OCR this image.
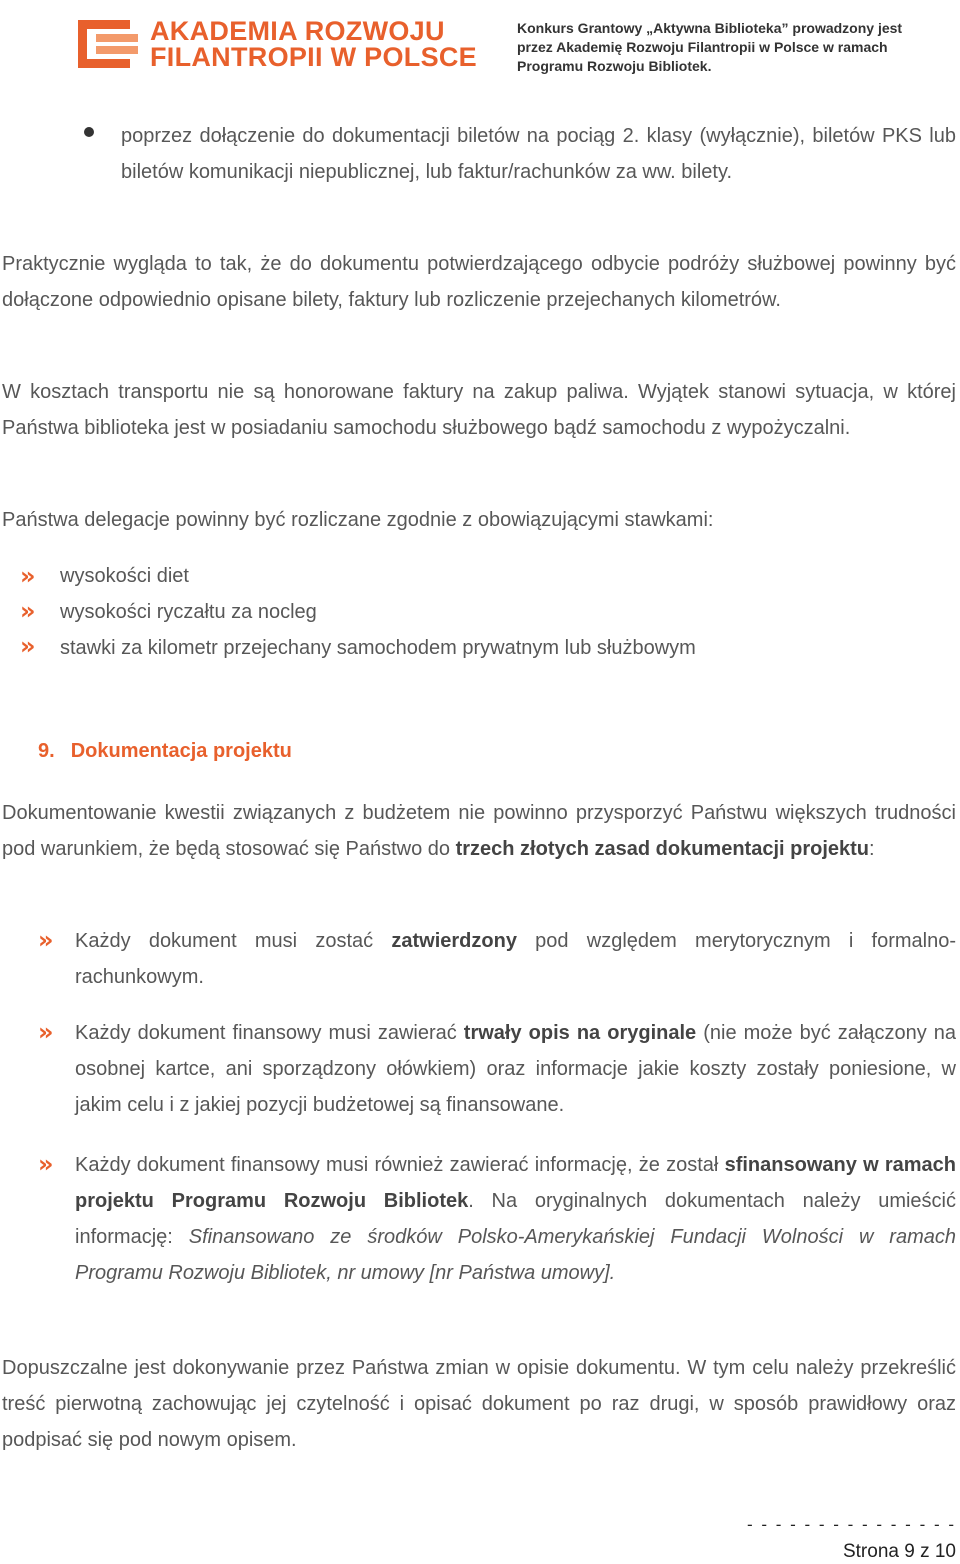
AKADEMIA ROZWOJU
FILANTROPII W POLSCE
Konkurs Grantowy „Aktywna Biblioteka” prowadzony jest
przez Akademię Rozwoju Filantropii w Polsce w ramach
Programu Rozwoju Bibliotek.

poprzez dołączenie do dokumentacji biletów na pociąg 2. klasy (wyłącznie), biletów PKS lub biletów komunikacji niepublicznej, lub faktur/rachunków za ww. bilety.

Praktycznie wygląda to tak, że do dokumentu potwierdzającego odbycie podróży służbowej powinny być dołączone odpowiednio opisane bilety, faktury lub rozliczenie przejechanych kilometrów.

W kosztach transportu nie są honorowane faktury na zakup paliwa. Wyjątek stanowi sytuacja, w której Państwa biblioteka jest w posiadaniu samochodu służbowego bądź samochodu z wypożyczalni.

Państwa delegacje powinny być rozliczane zgodnie z obowiązującymi stawkami:

» wysokości diet
» wysokości ryczałtu za nocleg
» stawki za kilometr przejechany samochodem prywatnym lub służbowym
9. Dokumentacja projektu

Dokumentowanie kwestii związanych z budżetem nie powinno przysporzyć Państwu większych trudności pod warunkiem, że będą stosować się Państwo do trzech złotych zasad dokumentacji projektu:

» Każdy dokument musi zostać zatwierdzony pod względem merytorycznym i formalno-rachunkowym.

» Każdy dokument finansowy musi zawierać trwały opis na oryginale (nie może być załączony na osobnej kartce, ani sporządzony ołówkiem) oraz informacje jakie koszty zostały poniesione, w jakim celu i z jakiej pozycji budżetowej są finansowane.

» Każdy dokument finansowy musi również zawierać informację, że został sfinansowany w ramach projektu Programu Rozwoju Bibliotek. Na oryginalnych dokumentach należy umieścić informację: Sfinansowano ze środków Polsko-Amerykańskiej Fundacji Wolności w ramach Programu Rozwoju Bibliotek, nr umowy [nr Państwa umowy].

Dopuszczalne jest dokonywanie przez Państwa zmian w opisie dokumentu. W tym celu należy przekreślić treść pierwotną zachowując jej czytelność i opisać dokument po raz drugi, w sposób prawidłowy oraz podpisać się pod nowym opisem.

- - - - - - - - - - - - - - -
Strona 9 z 10
